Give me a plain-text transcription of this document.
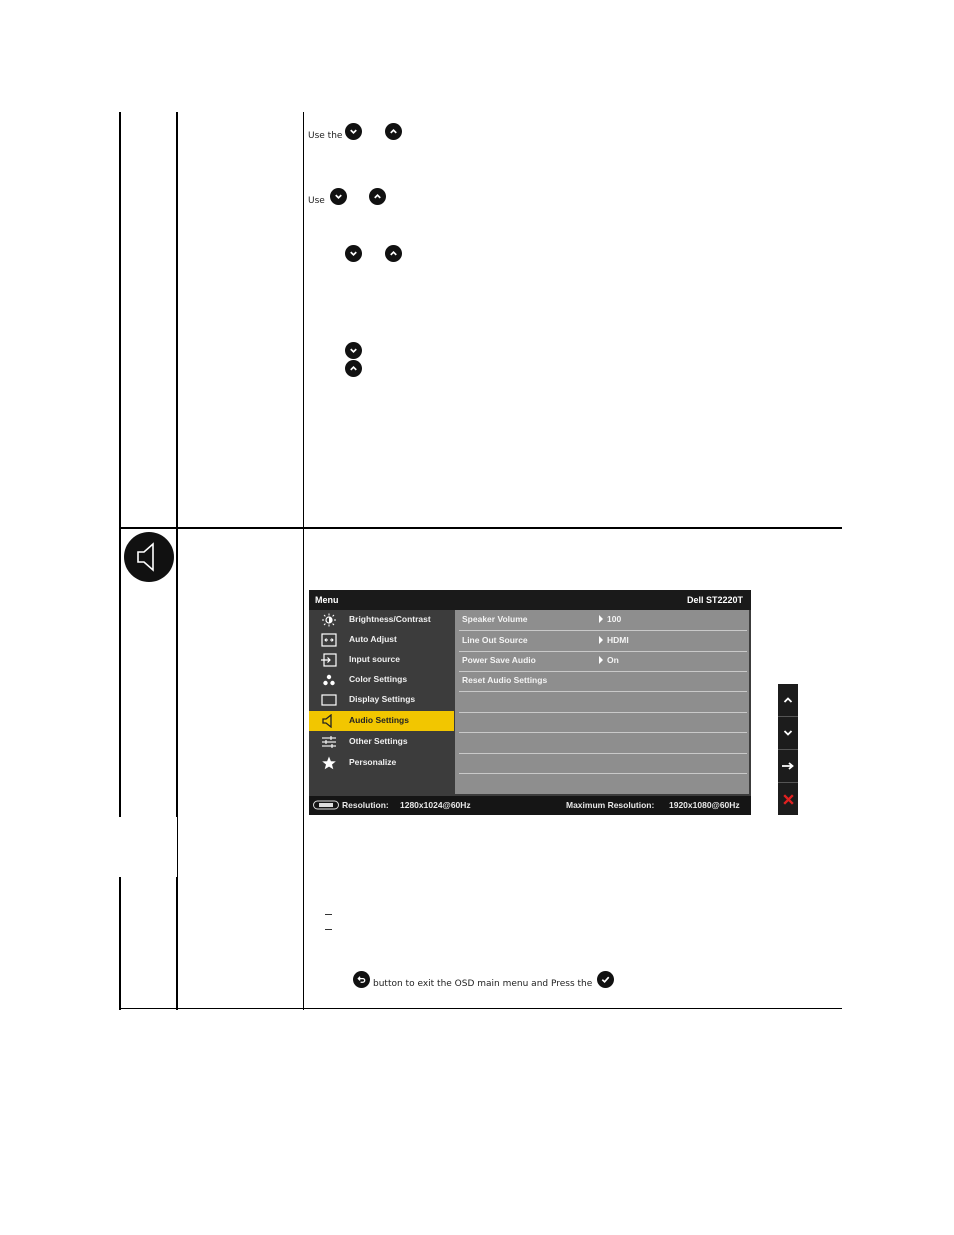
Use the
Use
Menu	Dell ST2220T
Brightness/Contrast
Auto Adjust
Input source
Color Settings
Display Settings
Audio Settings
Other Settings
Personalize
Speaker Volume	100
Line Out Source	HDMI
Power Save Audio	On
Reset Audio Settings
Resolution: 1280x1024@60Hz	Maximum Resolution: 1920x1080@60Hz
button to exit the OSD main menu and Press the
